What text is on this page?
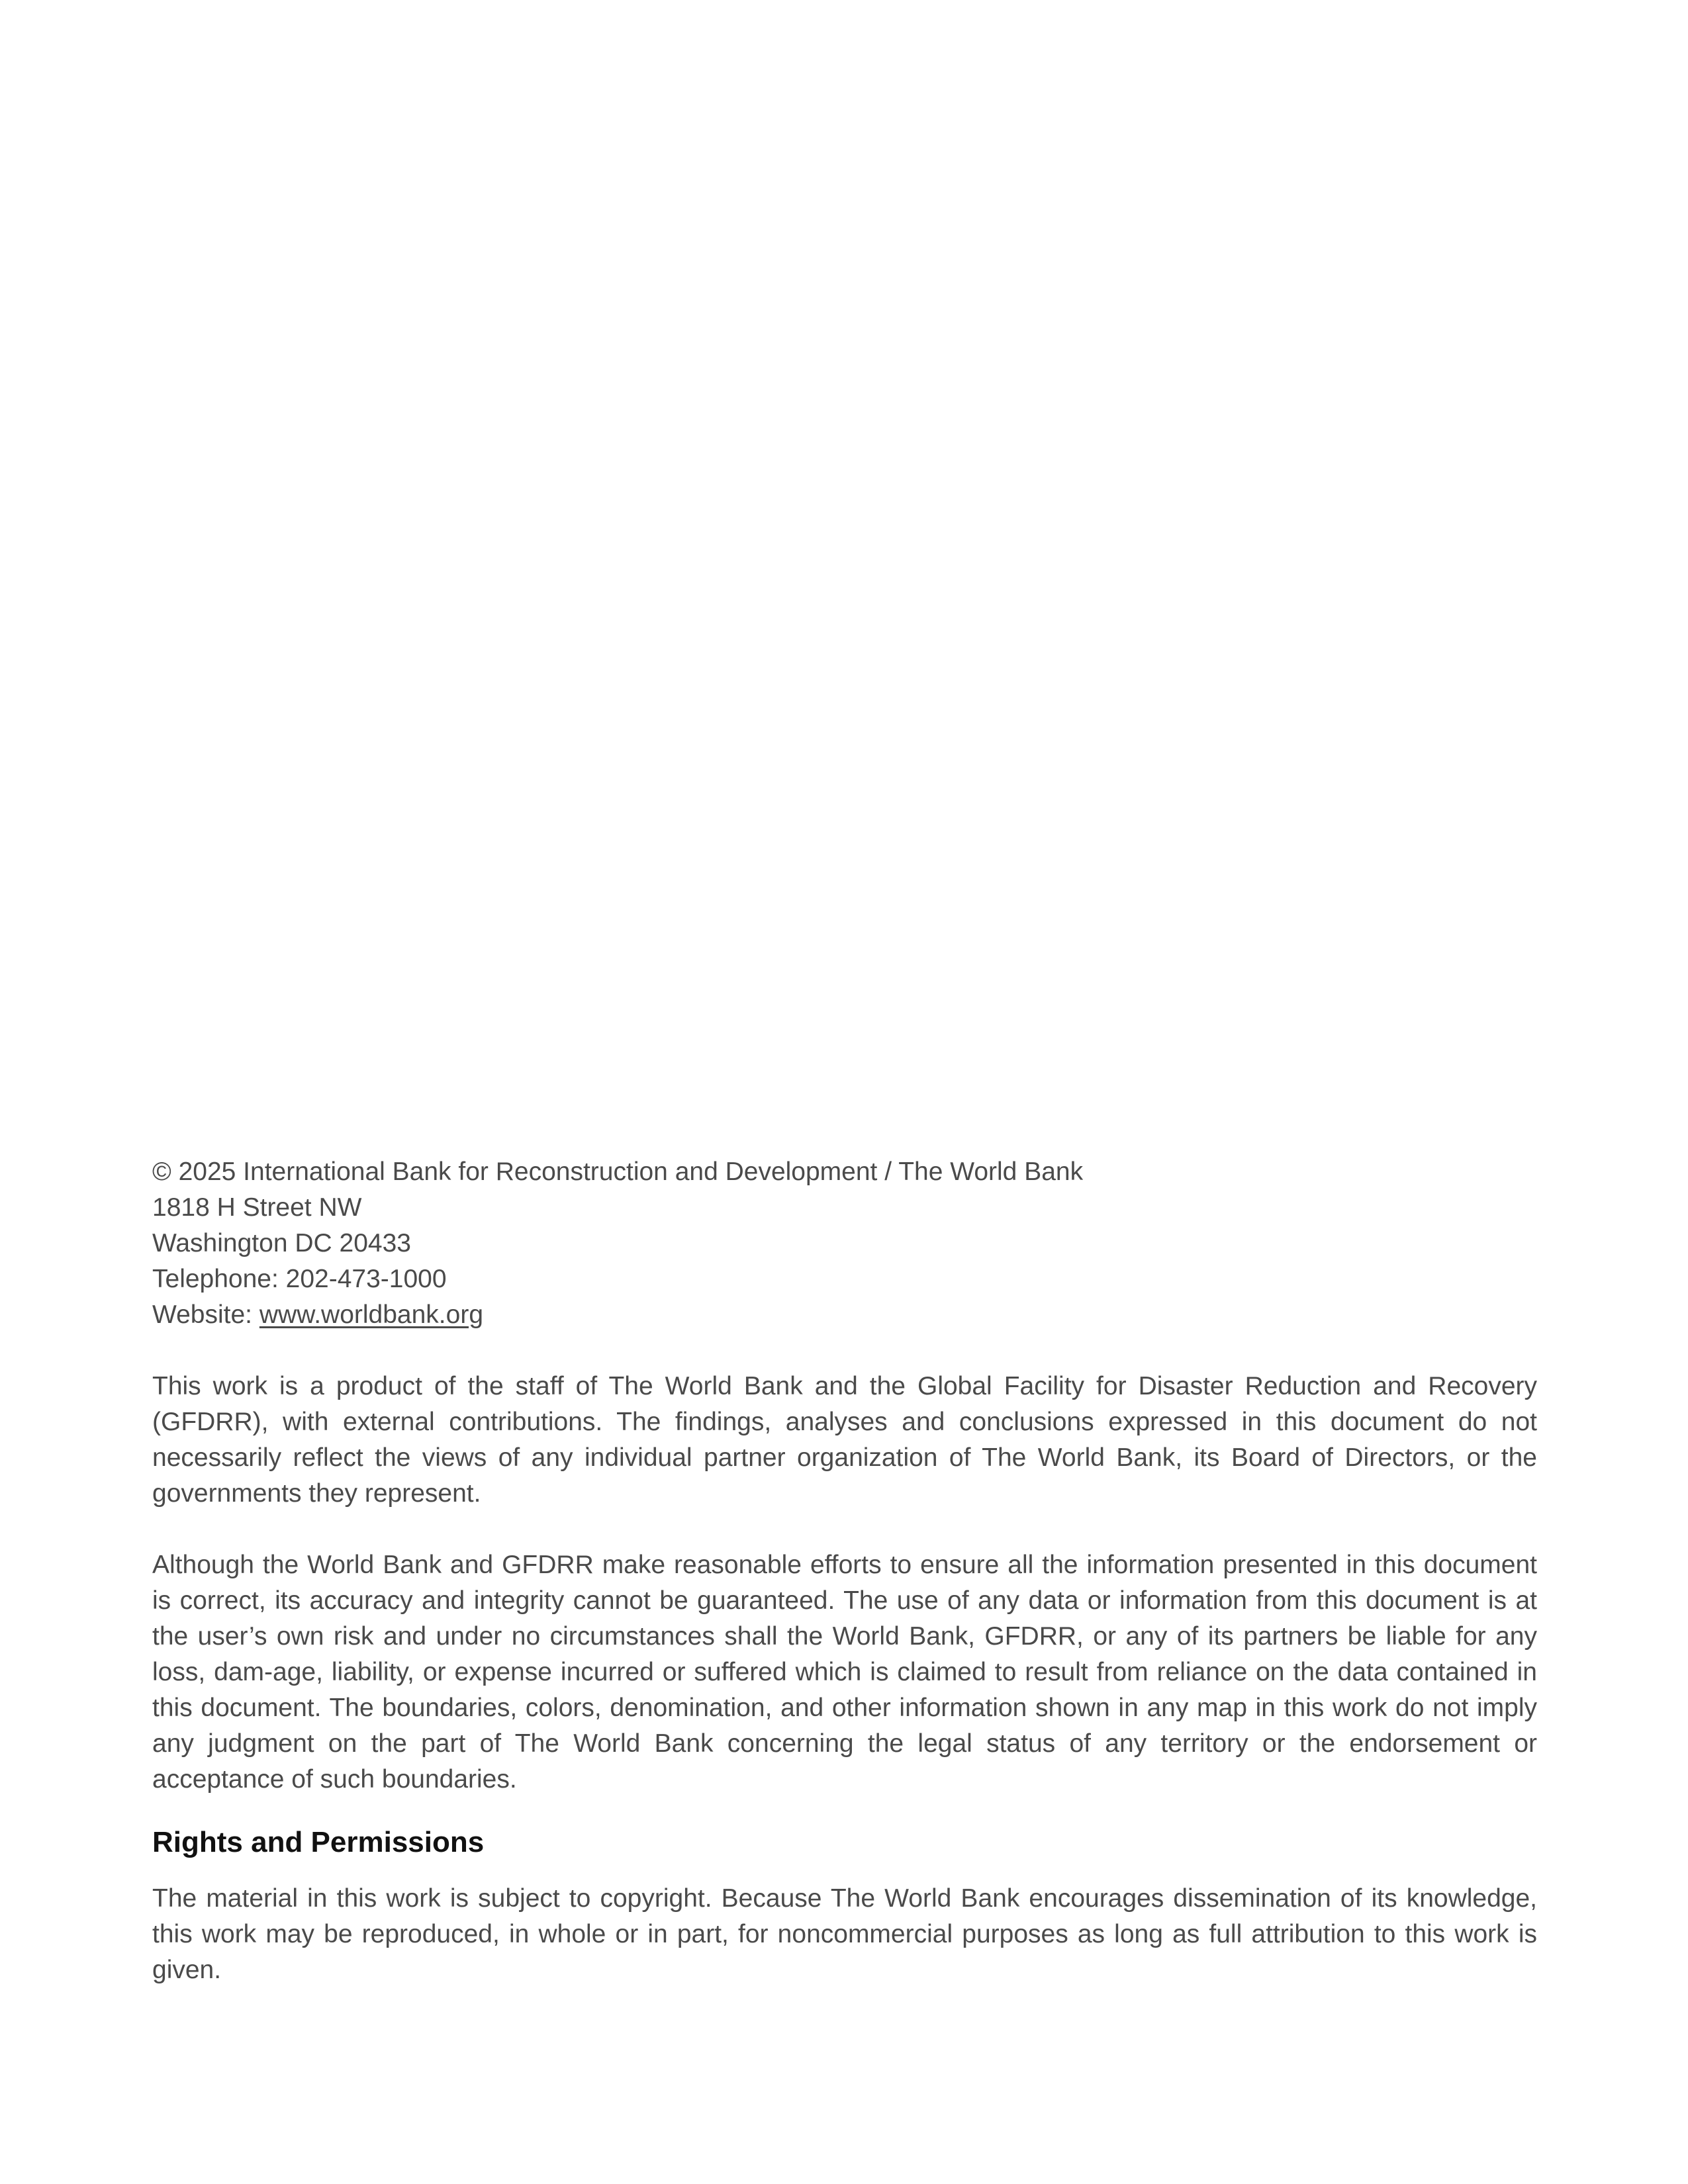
© 2025 International Bank for Reconstruction and Development / The World Bank
1818 H Street NW
Washington DC 20433
Telephone: 202-473-1000
Website: www.worldbank.org

This work is a product of the staff of The World Bank and the Global Facility for Disaster Reduction and Recovery (GFDRR), with external contributions. The findings, analyses and conclusions expressed in this document do not necessarily reflect the views of any individual partner organization of The World Bank, its Board of Directors, or the governments they represent.

Although the World Bank and GFDRR make reasonable efforts to ensure all the information presented in this document is correct, its accuracy and integrity cannot be guaranteed. The use of any data or information from this document is at the user’s own risk and under no circumstances shall the World Bank, GFDRR, or any of its partners be liable for any loss, dam-age, liability, or expense incurred or suffered which is claimed to result from reliance on the data contained in this document. The boundaries, colors, denomination, and other information shown in any map in this work do not imply any judgment on the part of The World Bank concerning the legal status of any territory or the endorsement or acceptance of such boundaries.

Rights and Permissions

The material in this work is subject to copyright. Because The World Bank encourages dissemination of its knowledge, this work may be reproduced, in whole or in part, for noncommercial purposes as long as full attribution to this work is given.
